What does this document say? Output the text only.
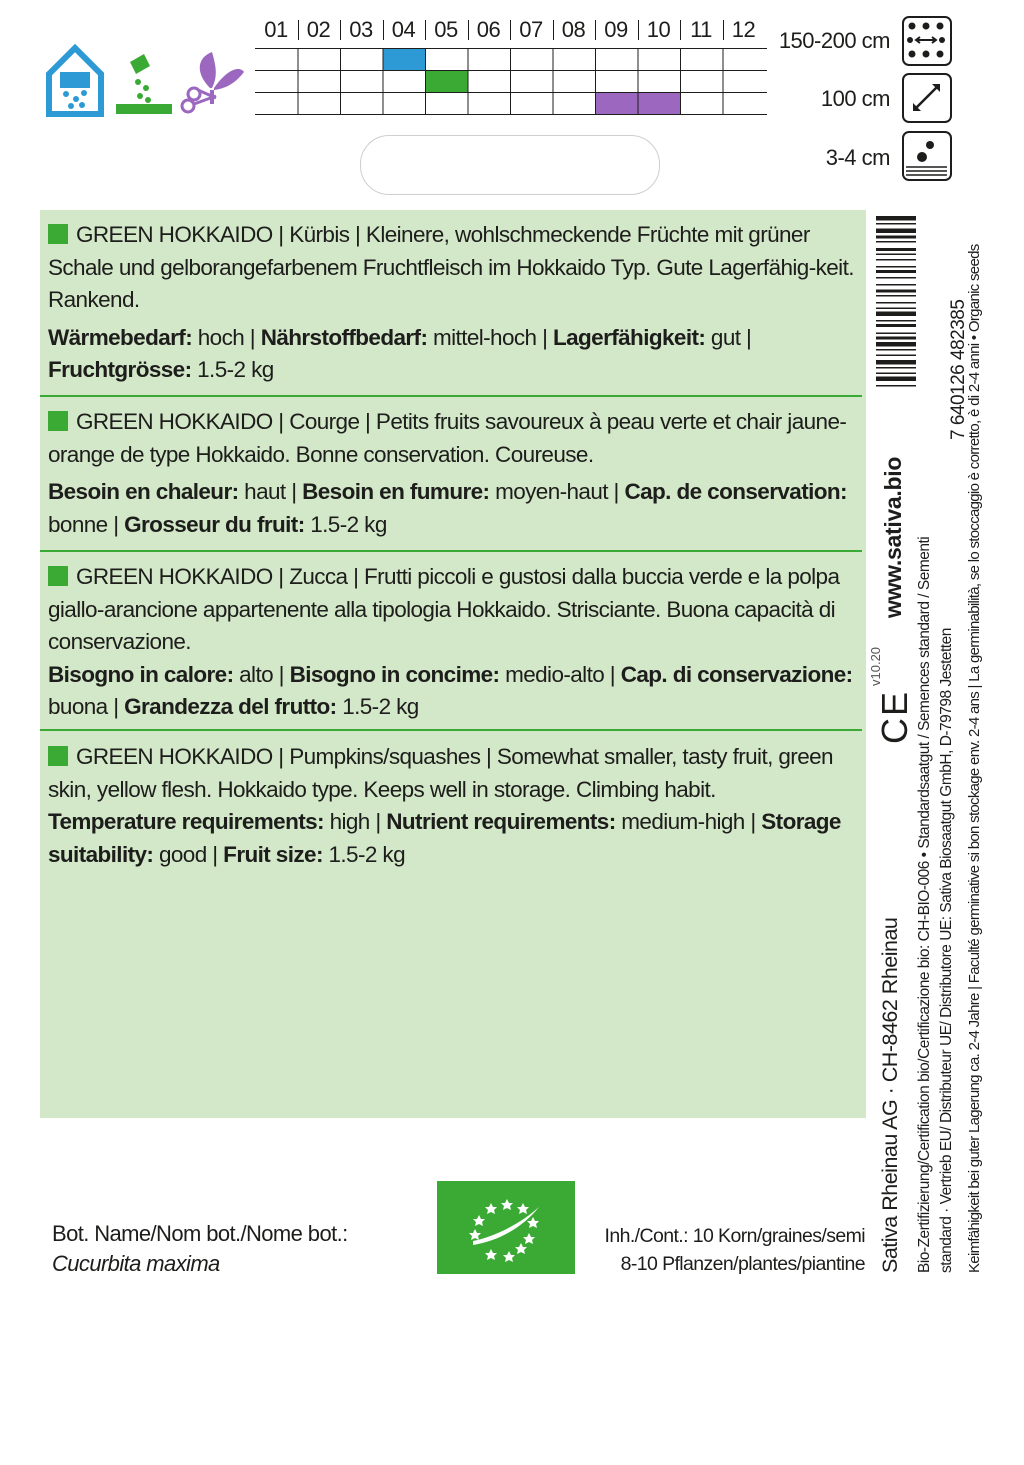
01 02 03 04 05 06 07 08 09 10 11 12	150-200 cm
100 cm
3-4 cm

GREEN HOKKAIDO | Kürbis | Kleinere, wohlschmeckende Früchte mit grüner Schale und gelborangefarbenem Fruchtfleisch im Hokkaido Typ. Gute Lagerfähig-keit. Rankend.

Wärmebedarf: hoch | Nährstoffbedarf: mittel-hoch | Lagerfähigkeit: gut | Fruchtgrösse: 1.5-2 kg

GREEN HOKKAIDO | Courge | Petits fruits savoureux à peau verte et chair jaune-orange de type Hokkaido. Bonne conservation. Coureuse.

Besoin en chaleur: haut | Besoin en fumure: moyen-haut | Cap. de conservation: bonne | Grosseur du fruit: 1.5-2 kg

GREEN HOKKAIDO | Zucca | Frutti piccoli e gustosi dalla buccia verde e la polpa giallo-arancione appartenente alla tipologia Hokkaido. Strisciante. Buona capacità di conservazione.

Bisogno in calore: alto | Bisogno in concime: medio-alto | Cap. di conservazione: buona | Grandezza del frutto: 1.5-2 kg

GREEN HOKKAIDO | Pumpkins/squashes | Somewhat smaller, tasty fruit, green skin, yellow flesh. Hokkaido type. Keeps well in storage. Climbing habit.

Temperature requirements: high | Nutrient requirements: medium-high | Storage suitability: good | Fruit size: 1.5-2 kg

Bot. Name/Nom bot./Nome bot.:
Cucurbita maxima
Inh./Cont.: 10 Korn/graines/semi
8-10 Pflanzen/plantes/piantine
7 640126 482385
www.sativa.bio
v10.20
CE
Sativa Rheinau AG · CH-8462 Rheinau Bio-Zertifizierung/Certification bio/Certificazione bio: CH-BIO-006 • Standardsaatgut / Semences standard / Sementi standard · Vertrieb EU/ Distributeur UE/ Distributore UE: Sativa Biosaatgut GmbH, D-79798 Jestetten Keimfähigkeit bei guter Lagerung ca. 2-4 Jahre | Faculté germinative si bon stockage env. 2-4 ans | La germinabilità, se lo stoccaggio è corretto, è di 2-4 anni • Organic seeds
